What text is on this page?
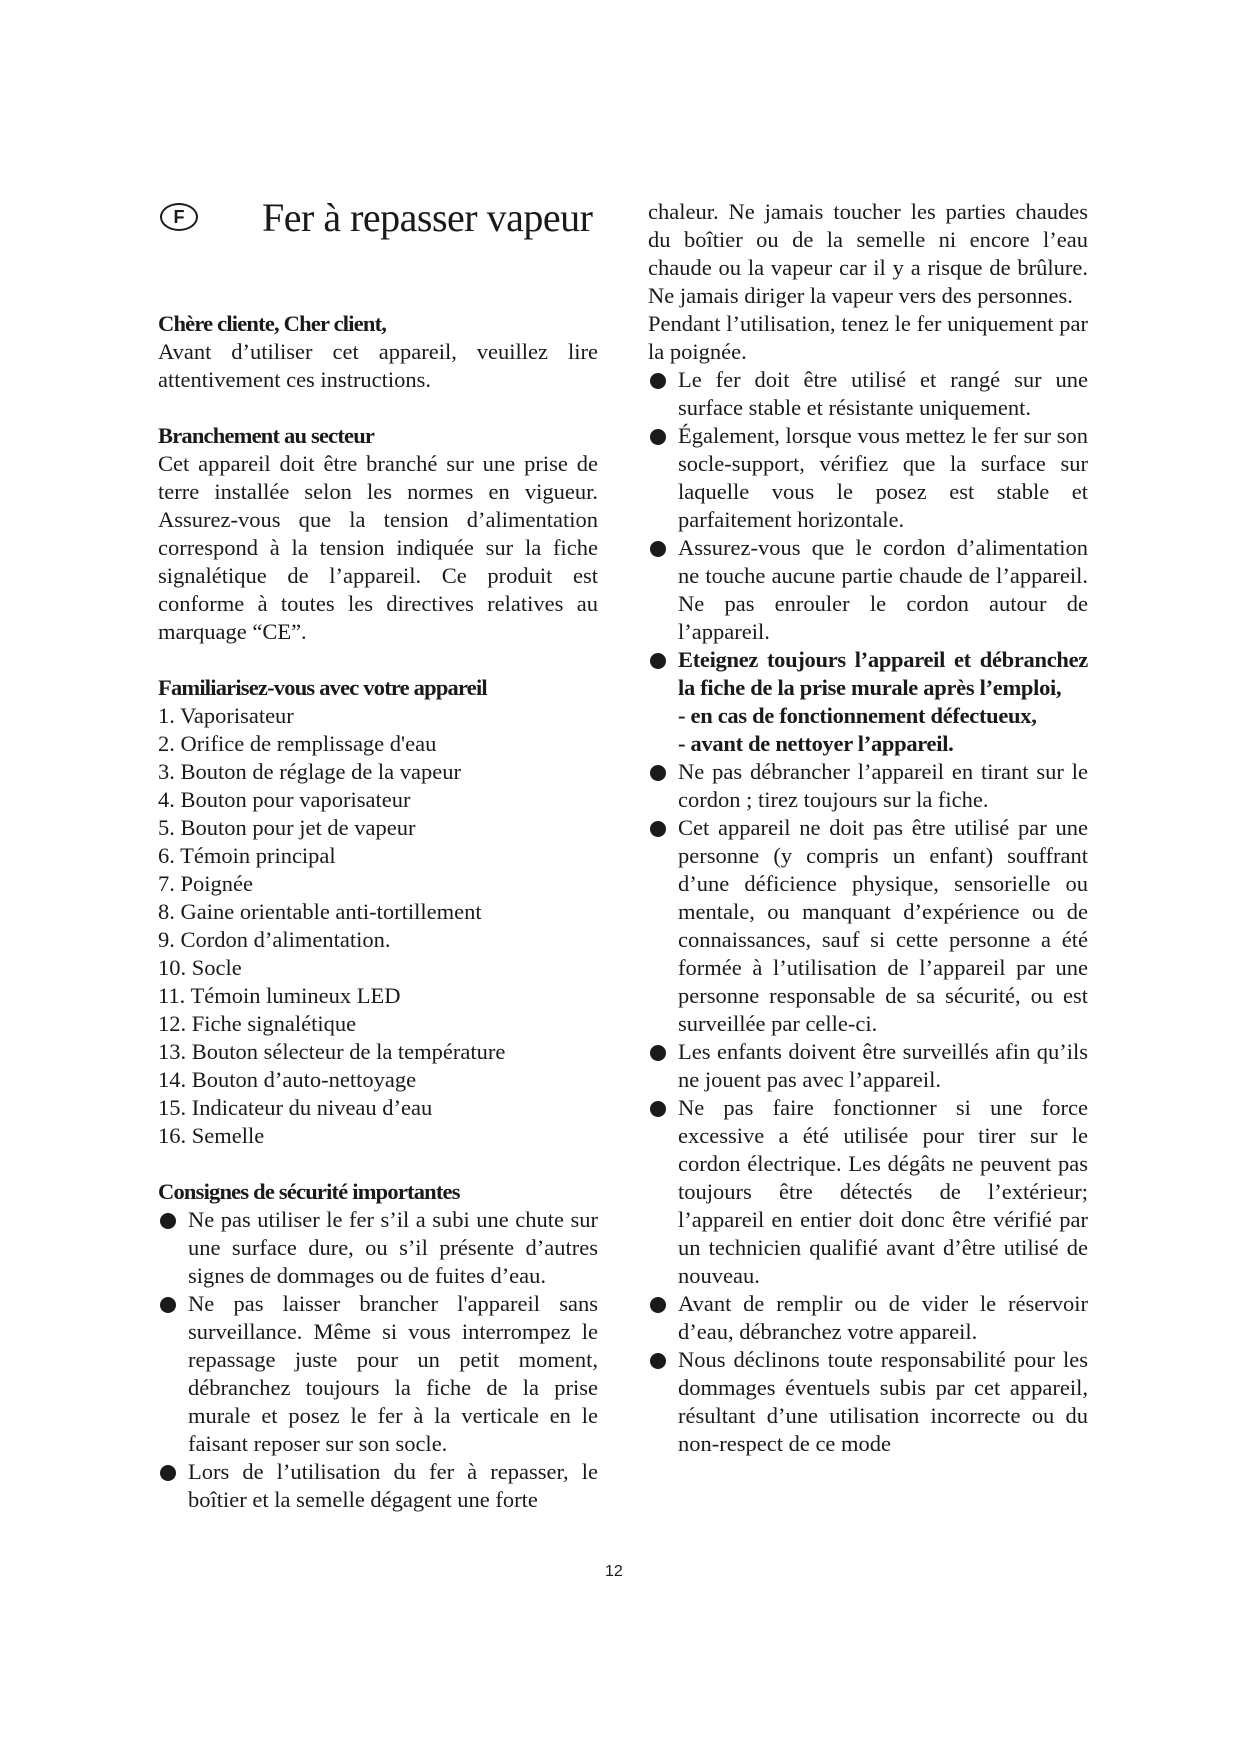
F	Fer à repasser vapeur
Chère cliente, Cher client,

Avant d’utiliser cet appareil, veuillez lire attentivement ces instructions.

Branchement au secteur

Cet appareil doit être branché sur une prise de terre installée selon les normes en vigueur. Assurez-vous que la tension d’alimentation correspond à la tension indiquée sur la fiche signalétique de l’appareil. Ce produit est conforme à toutes les directives relatives au marquage “CE”.

Familiarisez-vous avec votre appareil
1. Vaporisateur
2. Orifice de remplissage d'eau
3. Bouton de réglage de la vapeur
4. Bouton pour vaporisateur
5. Bouton pour jet de vapeur
6. Témoin principal
7. Poignée
8. Gaine orientable anti-tortillement
9. Cordon d’alimentation.
10. Socle
11. Témoin lumineux LED
12. Fiche signalétique
13. Bouton sélecteur de la température
14. Bouton d’auto-nettoyage
15. Indicateur du niveau d’eau
16. Semelle
Consignes de sécurité importantes
Ne pas utiliser le fer s’il a subi une chute sur une surface dure, ou s’il présente d’autres signes de dommages ou de fuites d’eau.
Ne pas laisser brancher l'appareil sans surveillance. Même si vous interrompez le repassage juste pour un petit moment, débranchez toujours la fiche de la prise murale et posez le fer à la verticale en le faisant reposer sur son socle.
Lors de l’utilisation du fer à repasser, le boîtier et la semelle dégagent une forte

chaleur. Ne jamais toucher les parties chaudes du boîtier ou de la semelle ni encore l’eau chaude ou la vapeur car il y a risque de brûlure. Ne jamais diriger la vapeur vers des personnes.

Pendant l’utilisation, tenez le fer uniquement par la poignée.

Le fer doit être utilisé et rangé sur une surface stable et résistante uniquement.
Également, lorsque vous mettez le fer sur son socle-support, vérifiez que la surface sur laquelle vous le posez est stable et parfaitement horizontale.
Assurez-vous que le cordon d’alimentation ne touche aucune partie chaude de l’appareil. Ne pas enrouler le cordon autour de l’appareil.
Eteignez toujours l’appareil et débranchez la fiche de la prise murale après l’emploi,
- en cas de fonctionnement défectueux,
- avant de nettoyer l’appareil.
Ne pas débrancher l’appareil en tirant sur le cordon ; tirez toujours sur la fiche.
Cet appareil ne doit pas être utilisé par une personne (y compris un enfant) souffrant d’une déficience physique, sensorielle ou mentale, ou manquant d’expérience ou de connaissances, sauf si cette personne a été formée à l’utilisation de l’appareil par une personne responsable de sa sécurité, ou est surveillée par celle-ci.
Les enfants doivent être surveillés afin qu’ils ne jouent pas avec l’appareil.
Ne pas faire fonctionner si une force excessive a été utilisée pour tirer sur le cordon électrique. Les dégâts ne peuvent pas toujours être détectés de l’extérieur; l’appareil en entier doit donc être vérifié par un technicien qualifié avant d’être utilisé de nouveau.
Avant de remplir ou de vider le réservoir d’eau, débranchez votre appareil.
Nous déclinons toute responsabilité pour les dommages éventuels subis par cet appareil, résultant d’une utilisation incorrecte ou du non-respect de ce mode
12
